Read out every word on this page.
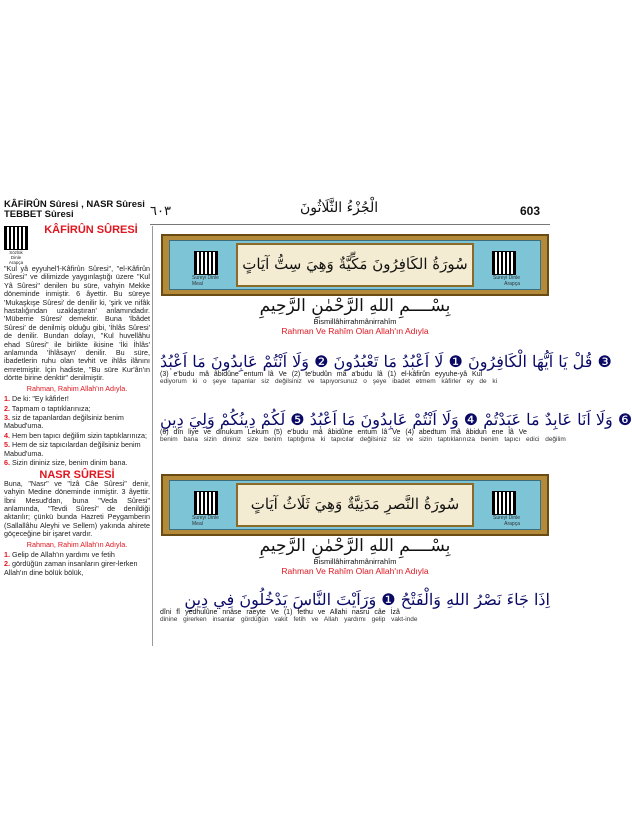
KÂFİRÛN Sûresi , NASR Sûresi
TEBBET Sûresi	٦٠٣	الْجُزْءُ الثَّلَاثُونَ	603
Sözlük Dinle
Arapça

KÂFİRÛN SÛRESİ

"Kul yâ eyyuhel'l-Kâfirûn Sûresi", "el-Kâfirûn Sûresi" ve dilimizde yaygınlaştığı üzere "Kul Yâ Sûresi" denilen bu süre, vahyin Mekke döneminde inmiştir. 6 âyettir. Bu süreye 'Mukaşkışe Sûresi' de denilir ki, 'şirk ve nifâk hastalığından uzaklaştıran' anlamındadır. 'Müberrie Sûresi' demektir. Buna 'İbâdet Sûresi' de denilmiş olduğu gibi, 'İhlâs Sûresi' de denilir. Bundan dolayı, "Kul huvellâhu ehad Sûresi" ile birlikte ikisine 'İki İhlâs' anlamında 'İhlâsayn' denilir. Bu süre, ibadetlerin ruhu olan tevhit ve ihlâs ilânını emretmiştir. İçin hadiste, "Bu süre Kur'ân'ın dörtte birine denktir" denilmiştir.

Rahman, Rahim Allah'ın Adıyla.

1. De ki: "Ey kâfirler!
2. Tapmam o taptıklarınıza;
3. siz de tapanlardan değilsiniz benim Mabud'uma.
4. Hem ben tapıcı değilim sizin taptıklarınıza;
5. Hem de siz tapıcılardan değilsiniz benim Mabud'uma.
6. Sizin dininiz size, benim dinim bana.

NASR SÛRESİ

Buna, "Nasr" ve "İzâ Câe Sûresi" denir, vahyin Medine döneminde inmiştir. 3 âyettir. İbni Mesud'dan, buna "Veda Sûresi" anlamında, "Tevdi Sûresi" de denildiği aktarılır; çünkü bunda Hazreti Peygamberin (Sallallâhu Aleyhi ve Sellem) yakında ahirete göçeceğine bir işaret vardır.

Rahman, Rahim Allah'ın Adıyla.

1. Gelip de Allah'ın yardımı ve fetih
2. gördüğün zaman insanların girer-lerken Allah'ın dine bölük bölük,
Sureyi Dinle
Meal
سُورَةُ الكَافِرُونَ مَكِّيَّةٌ وَهِيَ سِتُّ آيَاتٍ
Sureyi Dinle
Arapça
بِسْــــمِ اللهِ الرَّحْمٰنِ الرَّحِيمِ
Bismillâhirrahmânirrahîm
Rahman Ve Rahîm Olan Allah'ın Adıyla
قُلْ يَا اَيُّهَا الْكَافِرُونَ ❶ لَا اَعْبُدُ مَا تَعْبُدُونَ ❷ وَلَا اَنْتُمْ عَابِدُونَ مَا اَعْبُدُ ❸
(3) e'budu mâ âbidûne entum lâ Ve (2) te'budûn mâ a'budu lâ (1) el-kâfirûn eyyuhe-yâ Kul
ediyorum ki o şeye tapanlar siz değilsiniz ve tapıyorsunuz o şeye ibadet etmem kâfirler ey de ki
وَلَا اَنَا عَابِدٌ مَا عَبَدْتُمْ ❹ وَلَا اَنْتُمْ عَابِدُونَ مَا اَعْبُدُ ❺ لَكُمْ دِينُكُمْ وَلِيَ دِينِ ❻
(6) dîn liye ve dînukum Lekum (5) e'budu mâ âbidûne entum lâ Ve (4) abedtum mâ âbidun ene lâ Ve
benim bana sizin dininiz size benim taptığıma ki tapıcılar değilsiniz siz ve sizin taptıklarınıza benim tapıcı edici değilim
Sureyi Dinle
Meal
سُورَةُ النَّصرِ مَدَنِيَّةٌ وَهِيَ ثَلَاثُ آيَاتٍ
Sureyi Dinle
Arapça
بِسْــــمِ اللهِ الرَّحْمٰنِ الرَّحِيمِ
Bismillâhirrahmânirrahîm
Rahman Ve Rahîm Olan Allah'ın Adıyla
اِذَا جَاءَ نَصْرُ اللهِ وَالْفَتْحُ ❶ وَرَاَيْتَ النَّاسَ يَدْخُلُونَ فِي دِينِ
dîni fî yedhulûne nnâse raeyte Ve (1) fethu ve Allahi nasru câe İzâ
dinine girerken insanlar gördüğün vakit fetih ve Allah yardımı gelip vakt-inde
